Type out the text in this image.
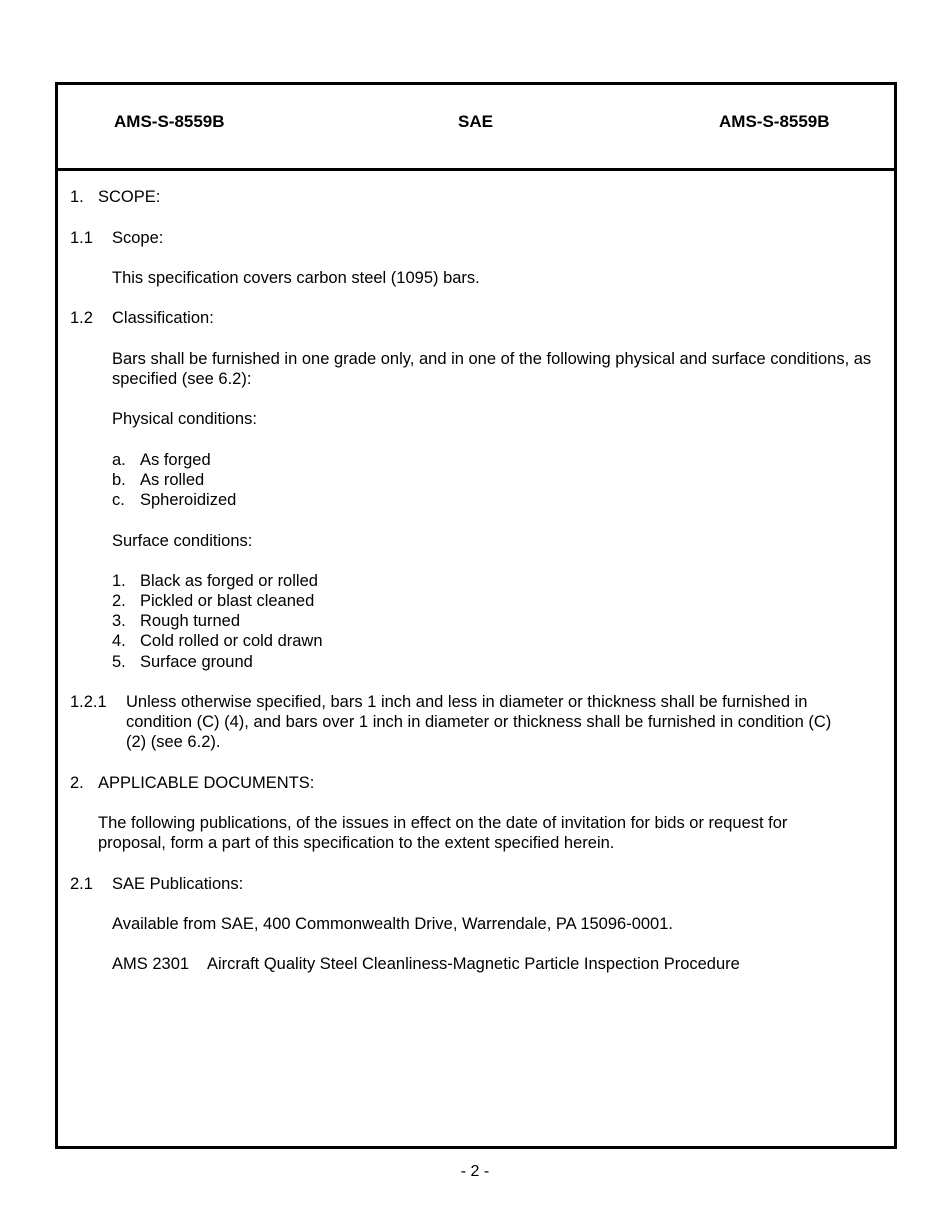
AMS-S-8559B	SAE	AMS-S-8559B
1. SCOPE:
1.1 Scope:
This specification covers carbon steel (1095) bars.
1.2 Classification:
Bars shall be furnished in one grade only, and in one of the following physical and surface conditions, as specified (see 6.2):
Physical conditions:
a. As forged
b. As rolled
c. Spheroidized
Surface conditions:
1. Black as forged or rolled
2. Pickled or blast cleaned
3. Rough turned
4. Cold rolled or cold drawn
5. Surface ground
1.2.1 Unless otherwise specified, bars 1 inch and less in diameter or thickness shall be furnished in
condition (C) (4), and bars over 1 inch in diameter or thickness shall be furnished in condition (C)
(2) (see 6.2).
2. APPLICABLE DOCUMENTS:
The following publications, of the issues in effect on the date of invitation for bids or request for
proposal, form a part of this specification to the extent specified herein.
2.1 SAE Publications:
Available from SAE, 400 Commonwealth Drive, Warrendale, PA 15096-0001.
AMS 2301 Aircraft Quality Steel Cleanliness-Magnetic Particle Inspection Procedure
- 2 -
